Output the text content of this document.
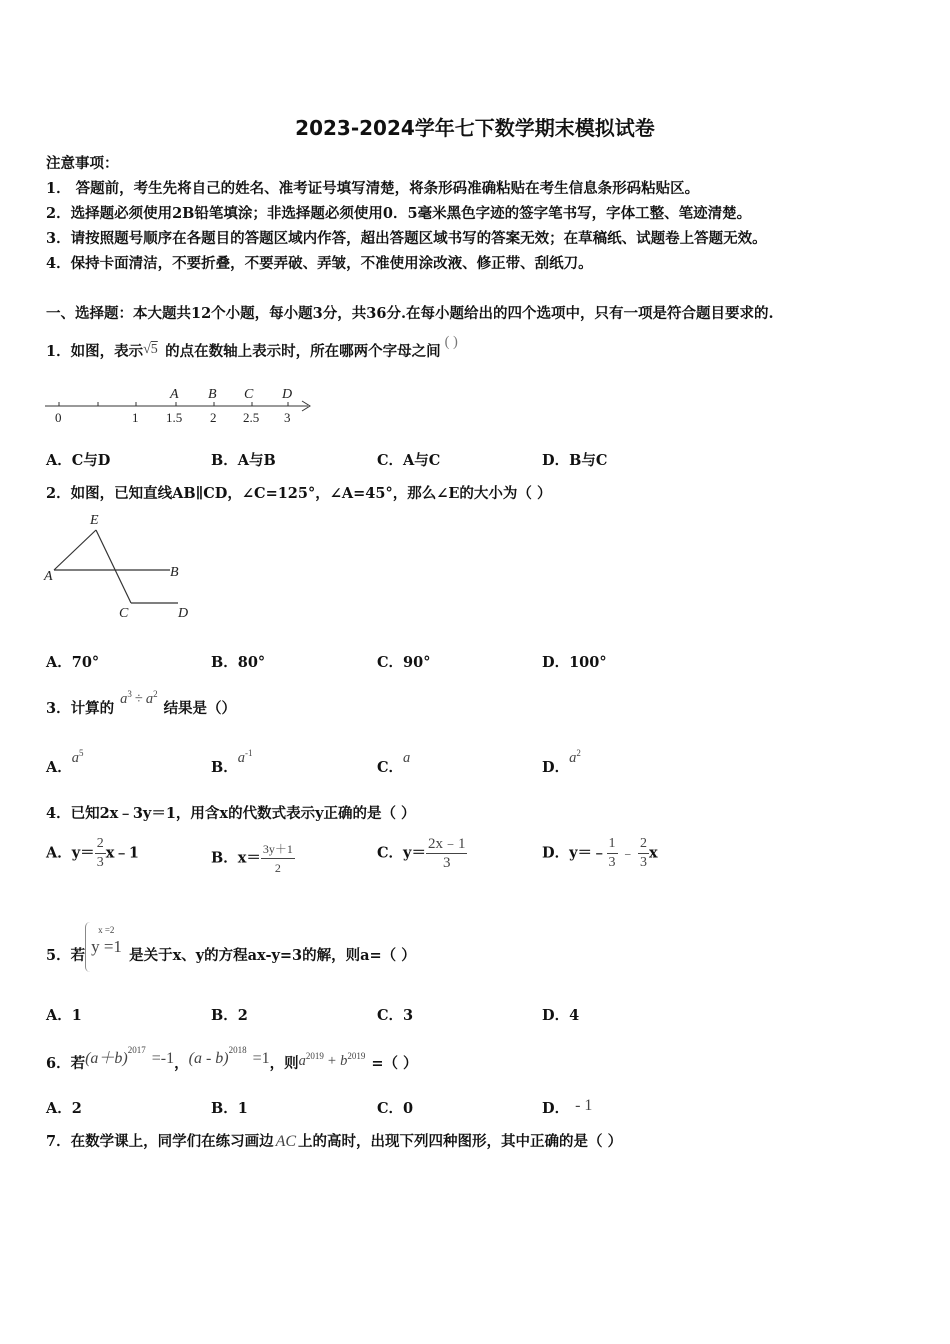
2023-2024学年七下数学期末模拟试卷
注意事项：
1． 答题前，考生先将自己的姓名、准考证号填写清楚，将条形码准确粘贴在考生信息条形码粘贴区。
2．选择题必须使用2B铅笔填涂；非选择题必须使用0．5毫米黑色字迹的签字笔书写，字体工整、笔迹清楚。
3．请按照题号顺序在各题目的答题区域内作答，超出答题区域书写的答案无效；在草稿纸、试题卷上答题无效。
4．保持卡面清洁，不要折叠，不要弄破、弄皱，不准使用涂改液、修正带、刮纸刀。
一、选择题：本大题共12个小题，每小题3分，共36分.在每小题给出的四个选项中，只有一项是符合题目要求的.
1．如图，表示 √5 的点在数轴上表示时，所在哪两个字母之间( )
A B C D
0	1 1.5 2 2.5 3
A．C与D	B．A与B	C．A与C	D．B与C
2．如图，已知直线AB∥CD，∠C=125°，∠A=45°，那么∠E的大小为（ ）
E
A	B
C	D
A．70°	B．80°	C．90°	D．100°
3．计算的$a^3 \div a^2$结果是（）
A．$a^5$
B．$a^{-1}$
C．a
D．$a^2$
4．已知2x﹣3y＝1，用含x的代数式表示y正确的是（ ）
A．$y= \frac{2}{3}$ x﹣1	B．$x= \frac{3y+1}{2}$	C．$y= \frac{2x﹣1}{3}$	D．y＝﹣ $\frac{1}{3}$ ﹣ $\frac{2}{3}$ x
5．若
x =2
y =1 是关于x、y的方程ax-y=3的解，则a=（ ）
A．1	B．2	C．3	D．4
6．若$(a+b)^{2017}=-1$，(a - b)$^{2018}$=1，则$a^{2019} + b^{2019}$ =（ ）
A．2	B．1	C．0	D． - 1
7．在数学课上，同学们在练习画边 AC 上的高时，出现下列四种图形，其中正确的是（ ）
